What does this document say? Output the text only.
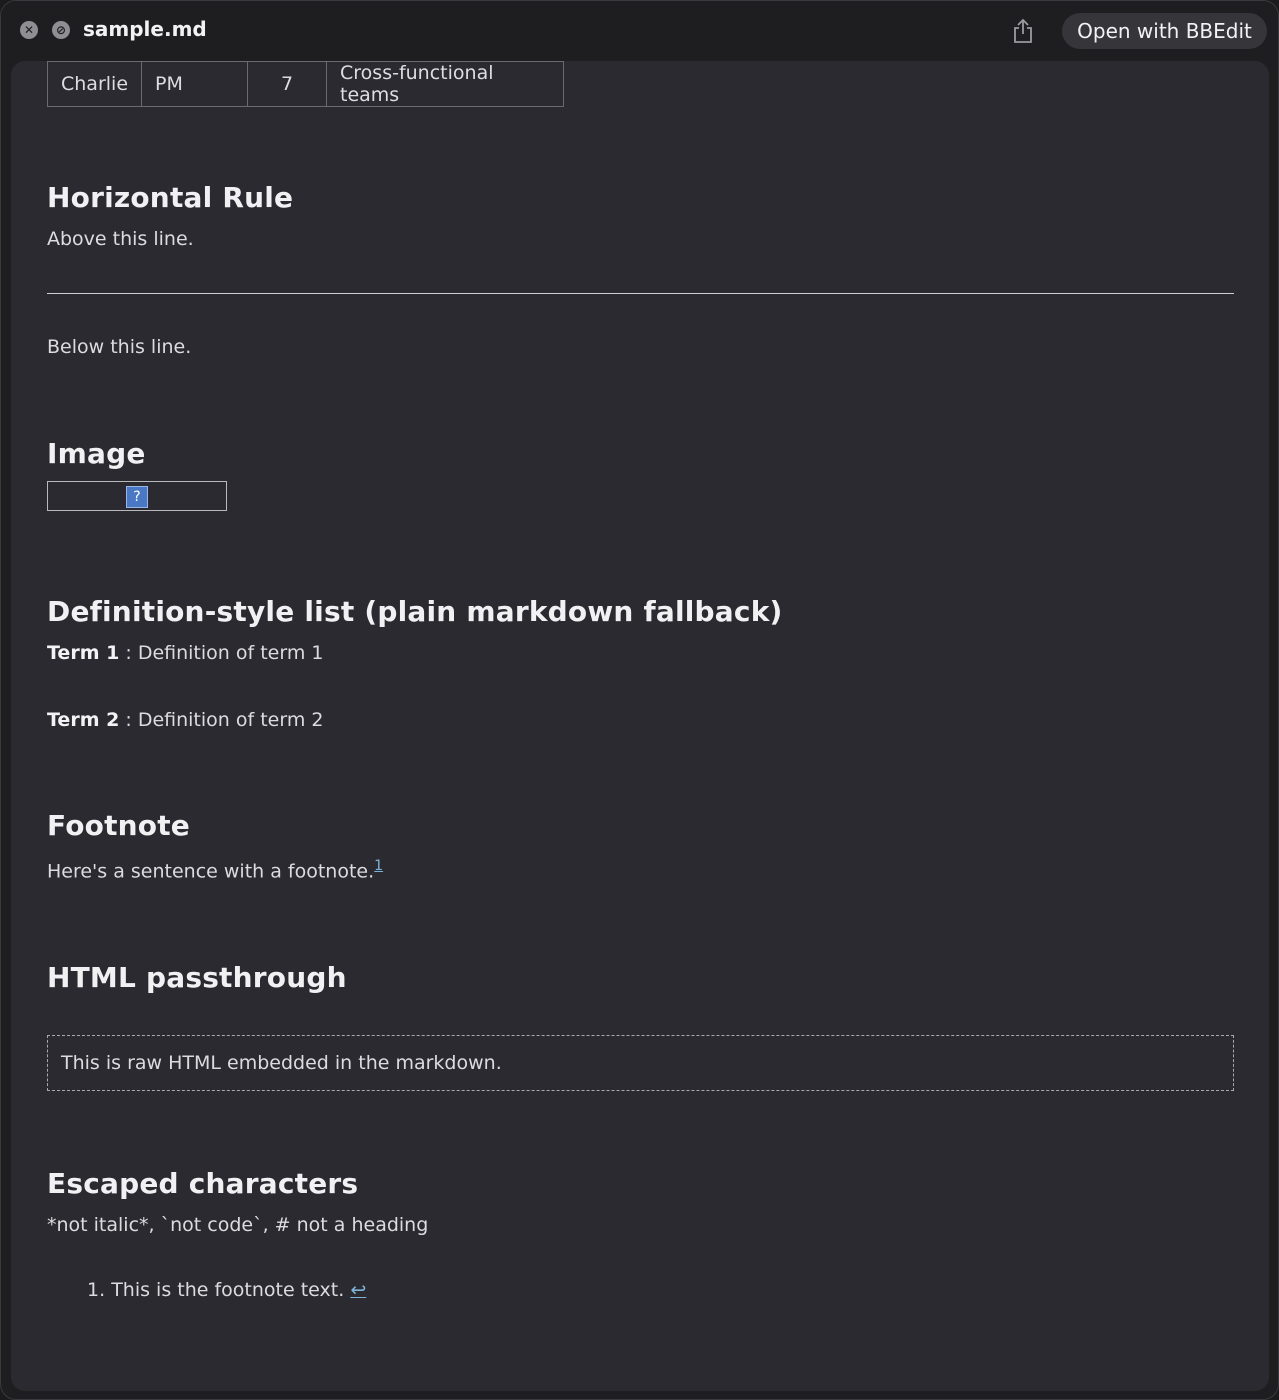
✕	⊘ sample.md	Open with BBEdit
Charlie	PM	7	Cross-functional teams
Horizontal Rule

Above this line.

Below this line.

Image
?
Definition-style list (plain markdown fallback)

Term 1 : Definition of term 1

Term 2 : Definition of term 2

Footnote

Here's a sentence with a footnote.$^1$

HTML passthrough
This is raw HTML embedded in the markdown.
Escaped characters

*not italic*, `not code`, # not a heading

1. This is the footnote text. ↩
